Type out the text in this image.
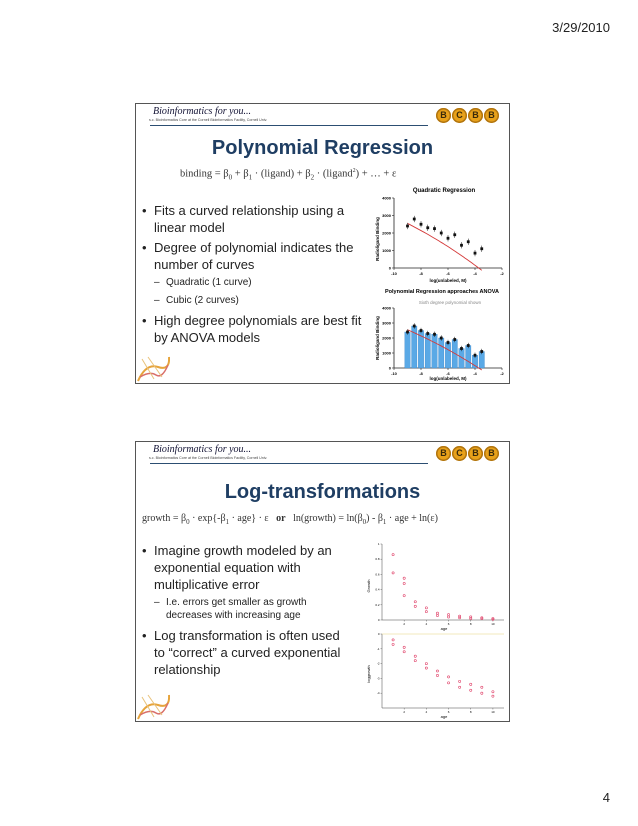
3/29/2010
Bioinformatics for you...
s.c. Bioinformatics Core at the Cornell Bioinformatics Facility, Cornell Univ.	B	C	B	B
Polynomial Regression
binding = $\beta_0 + \beta_1$ · (ligand) + $\beta_2$ · (ligand$^2$) + … + ε
• Fits a curved relationship using a linear model
• Degree of polynomial indicates the number of curves
– Quadratic (1 curve)
– Cubic (2 curves)
• High degree polynomials are best fit by ANOVA models
Quadratic Regression
Radioligand Binding
log(unlabeled, M)
0
1000
2000
3000
4000
-10	-8	-6	-4	-2
Polynomial Regression approaches ANOVA
Sixth degree polynomial shown
Radioligand Binding
log(unlabeled, M)
0
1000
2000
3000
4000
-10	-8	-6	-4	-2
Bioinformatics for you...
s.c. Bioinformatics Core at the Cornell Bioinformatics Facility, Cornell Univ.	B	C	B	B
Log-transformations
growth = $\beta_0 \cdot \exp\{-\beta_1 \cdot age\} \cdot \varepsilon$   or   ln(growth) = $\ln(\beta_0) - \beta_1$ · age + ln(ε)
• Imagine growth modeled by an exponential equation with multiplicative error
– I.e. errors get smaller as growth decreases with increasing age
• Log transformation is often used to “correct” a curved exponential relationship
Growth
age
0
0.2
0.4
0.6
0.8
1
2	4	6	8	10
loggrowth
age
0
-1
-2
-3
-4
2	4	6	8	10
4
